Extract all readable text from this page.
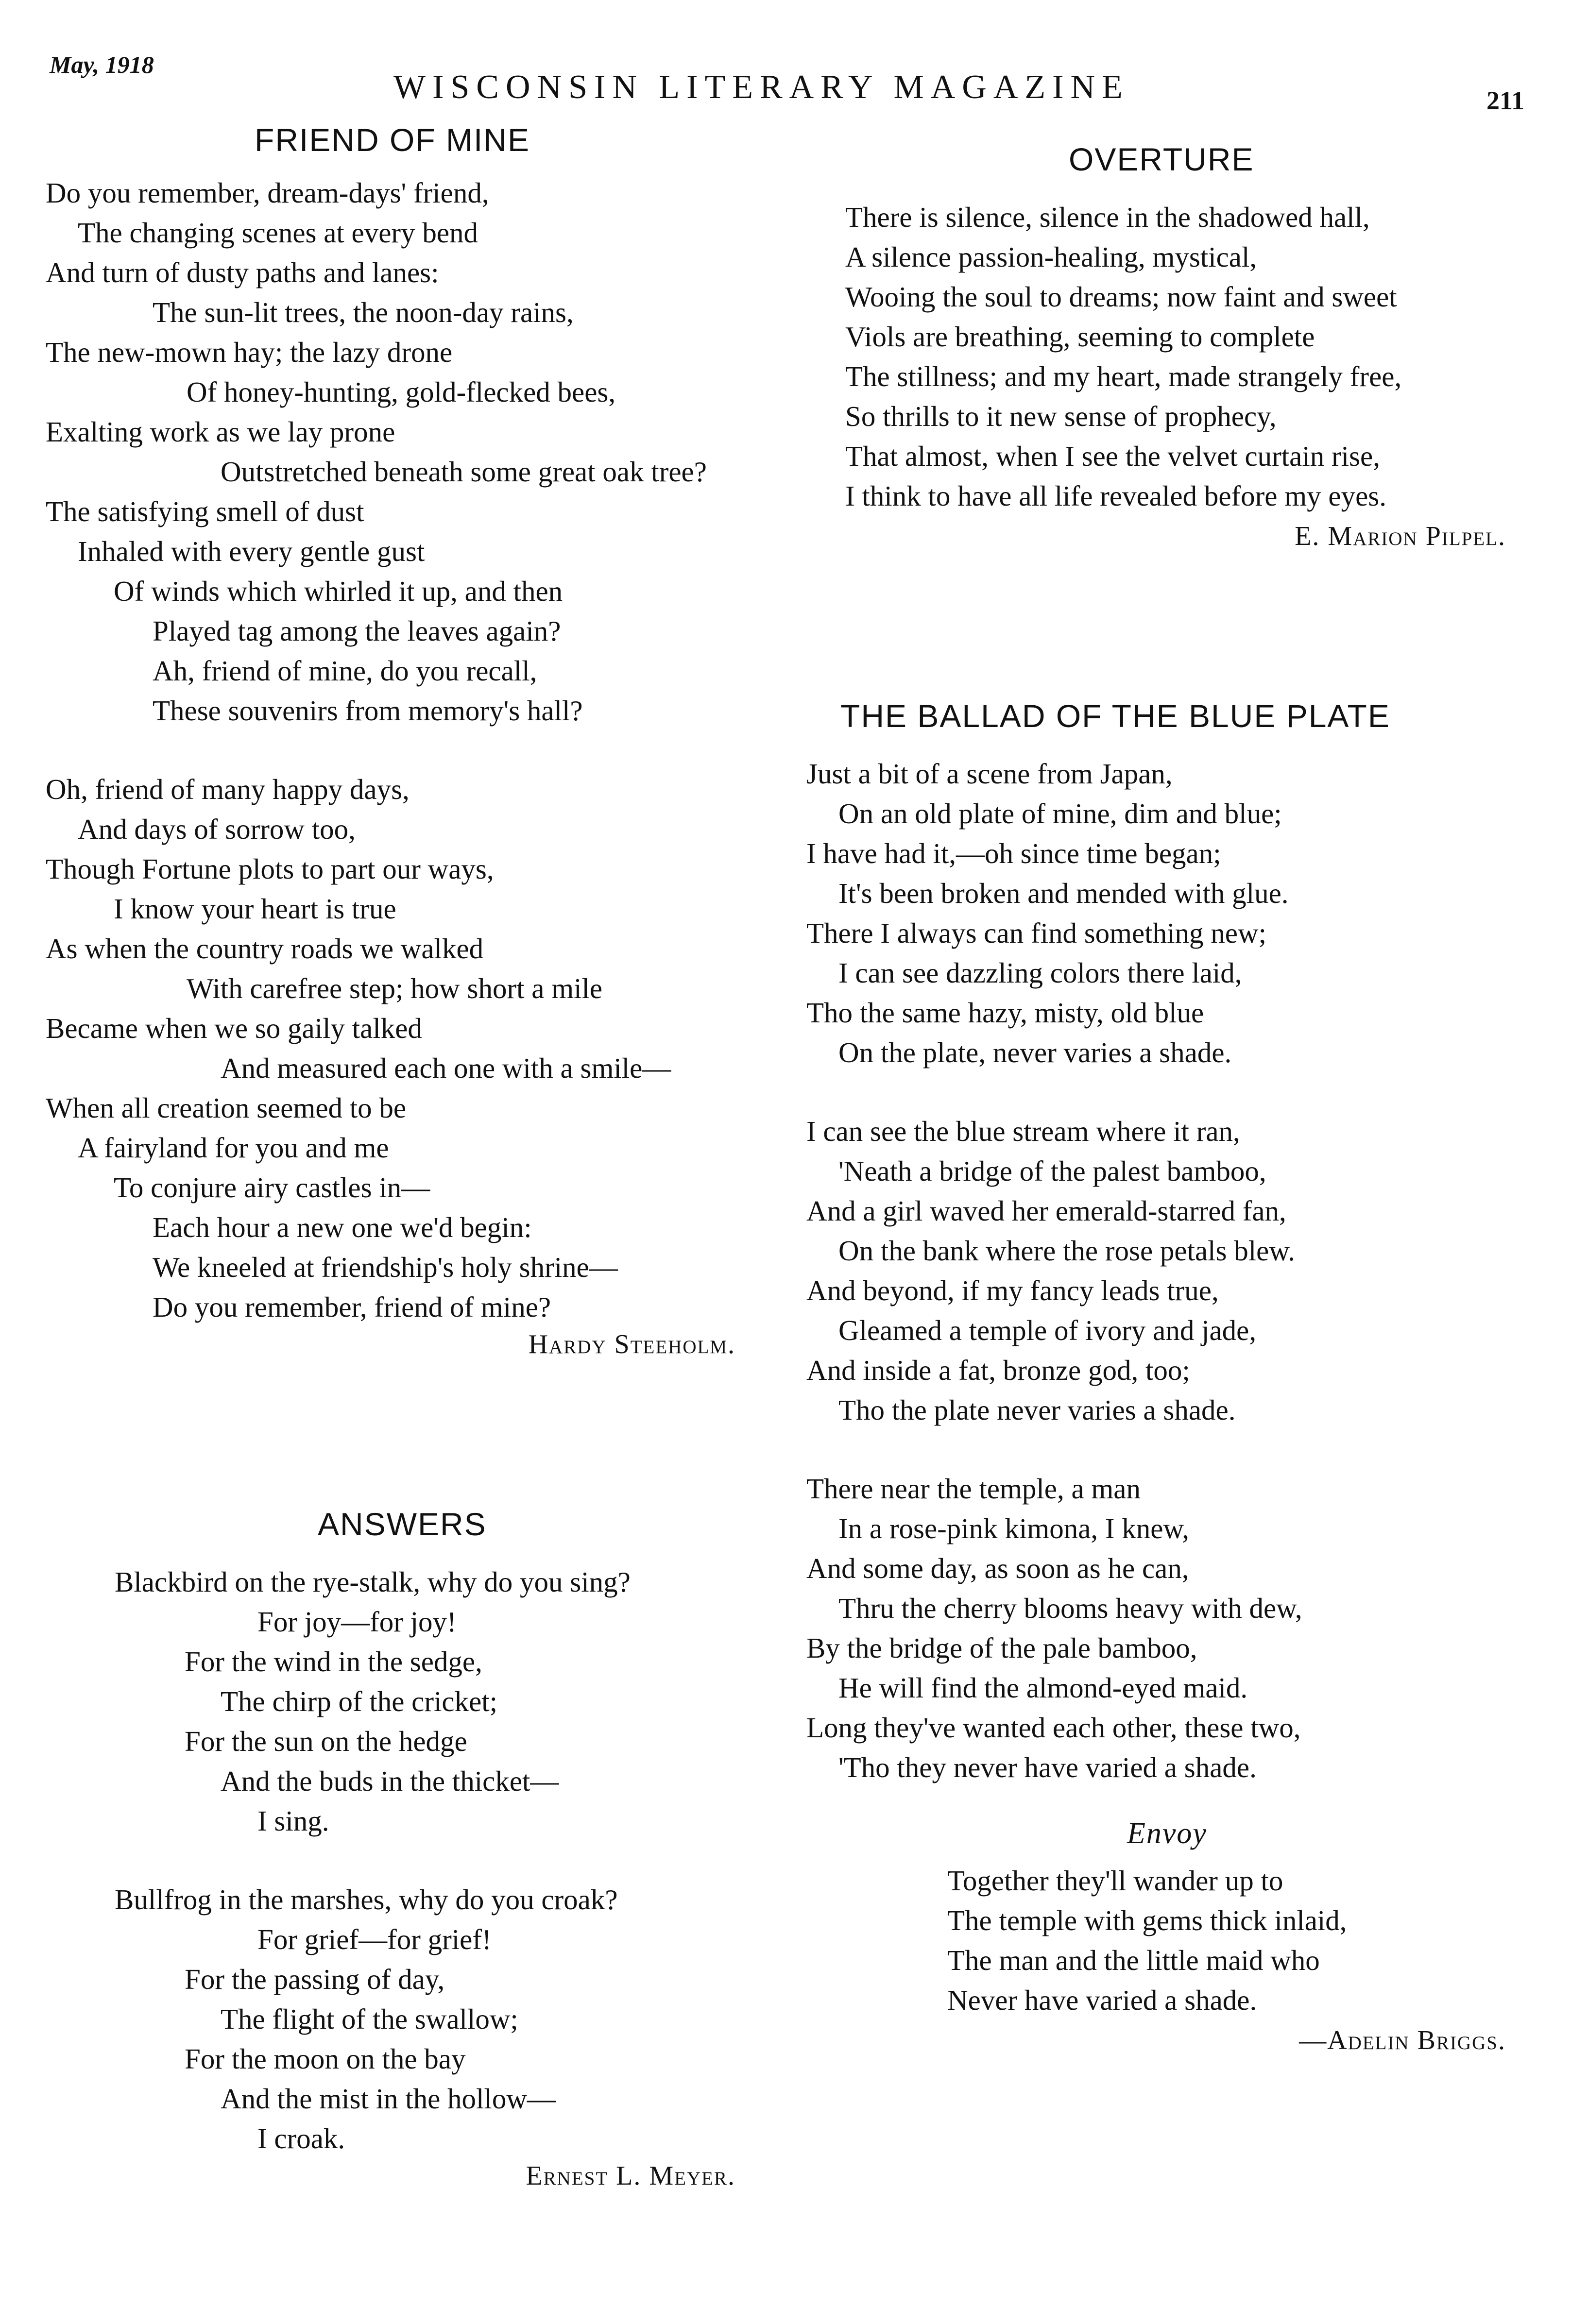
May, 1918
WISCONSIN LITERARY MAGAZINE	211
FRIEND OF MINE
Do you remember, dream-days' friend,
The changing scenes at every bend
And turn of dusty paths and lanes:
The sun-lit trees, the noon-day rains,
The new-mown hay; the lazy drone
Of honey-hunting, gold-flecked bees,
Exalting work as we lay prone
Outstretched beneath some great oak tree?
The satisfying smell of dust
Inhaled with every gentle gust
Of winds which whirled it up, and then
Played tag among the leaves again?
Ah, friend of mine, do you recall,
These souvenirs from memory's hall?
Oh, friend of many happy days,
And days of sorrow too,
Though Fortune plots to part our ways,
I know your heart is true
As when the country roads we walked
With carefree step; how short a mile
Became when we so gaily talked
And measured each one with a smile—
When all creation seemed to be
A fairyland for you and me
To conjure airy castles in—
Each hour a new one we'd begin:
We kneeled at friendship's holy shrine—
Do you remember, friend of mine?
Hardy Steeholm.
ANSWERS
Blackbird on the rye-stalk, why do you sing?
For joy—for joy!
For the wind in the sedge,
The chirp of the cricket;
For the sun on the hedge
And the buds in the thicket—
I sing.
Bullfrog in the marshes, why do you croak?
For grief—for grief!
For the passing of day,
The flight of the swallow;
For the moon on the bay
And the mist in the hollow—
I croak.
Ernest L. Meyer.
OVERTURE
There is silence, silence in the shadowed hall,
A silence passion-healing, mystical,
Wooing the soul to dreams; now faint and sweet
Viols are breathing, seeming to complete
The stillness; and my heart, made strangely free,
So thrills to it new sense of prophecy,
That almost, when I see the velvet curtain rise,
I think to have all life revealed before my eyes.
E. Marion Pilpel.
THE BALLAD OF THE BLUE PLATE
Just a bit of a scene from Japan,
On an old plate of mine, dim and blue;
I have had it,—oh since time began;
It's been broken and mended with glue.
There I always can find something new;
I can see dazzling colors there laid,
Tho the same hazy, misty, old blue
On the plate, never varies a shade.
I can see the blue stream where it ran,
'Neath a bridge of the palest bamboo,
And a girl waved her emerald-starred fan,
On the bank where the rose petals blew.
And beyond, if my fancy leads true,
Gleamed a temple of ivory and jade,
And inside a fat, bronze god, too;
Tho the plate never varies a shade.
There near the temple, a man
In a rose-pink kimona, I knew,
And some day, as soon as he can,
Thru the cherry blooms heavy with dew,
By the bridge of the pale bamboo,
He will find the almond-eyed maid.
Long they've wanted each other, these two,
'Tho they never have varied a shade.
Envoy
Together they'll wander up to
The temple with gems thick inlaid,
The man and the little maid who
Never have varied a shade.
—Adelin Briggs.
